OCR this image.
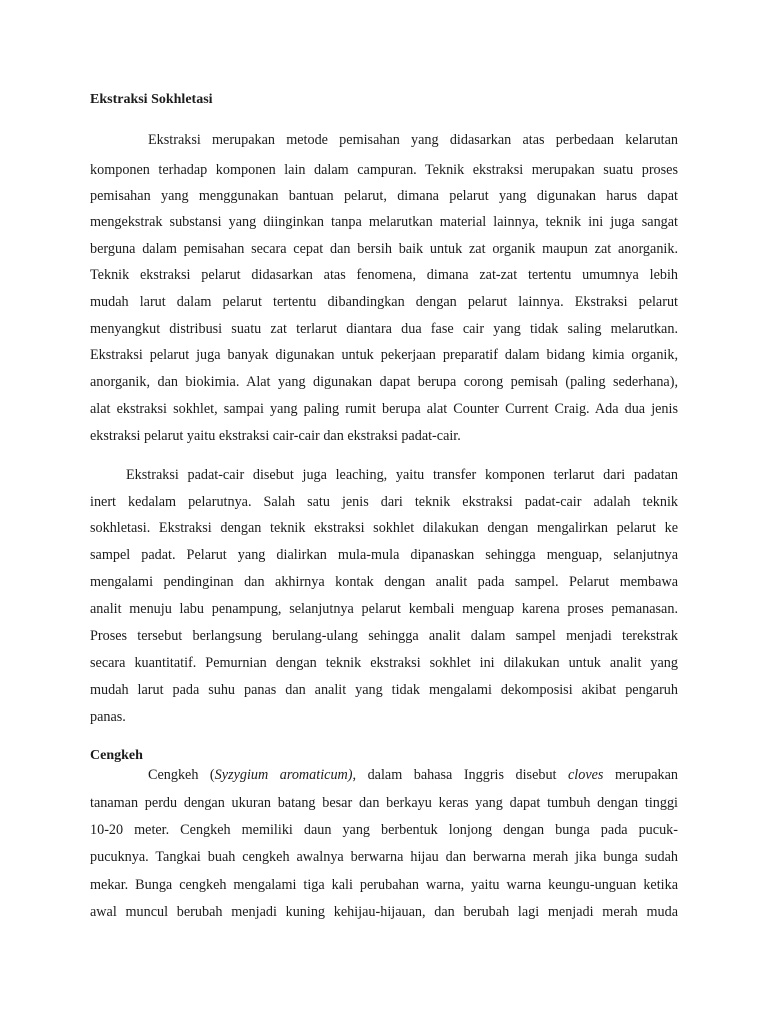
Ekstraksi Sokhletasi

Ekstraksi merupakan metode pemisahan yang didasarkan atas perbedaan kelarutan

komponen terhadap komponen lain dalam campuran. Teknik ekstraksi merupakan suatu proses

pemisahan yang menggunakan bantuan pelarut, dimana pelarut yang digunakan harus dapat

mengekstrak substansi yang diinginkan tanpa melarutkan material lainnya, teknik ini juga sangat

berguna dalam pemisahan secara cepat dan bersih baik untuk zat organik maupun zat anorganik.

Teknik ekstraksi pelarut didasarkan atas fenomena, dimana zat-zat tertentu umumnya lebih

mudah larut dalam pelarut tertentu dibandingkan dengan pelarut lainnya. Ekstraksi pelarut

menyangkut distribusi suatu zat terlarut diantara dua fase cair yang tidak saling melarutkan.

Ekstraksi pelarut juga banyak digunakan untuk pekerjaan preparatif dalam bidang kimia organik,

anorganik, dan biokimia. Alat yang digunakan dapat berupa corong pemisah (paling sederhana),

alat ekstraksi sokhlet, sampai yang paling rumit berupa alat Counter Current Craig. Ada dua jenis

ekstraksi pelarut yaitu ekstraksi cair-cair dan ekstraksi padat-cair.

Ekstraksi padat-cair disebut juga leaching, yaitu transfer komponen terlarut dari padatan

inert kedalam pelarutnya. Salah satu jenis dari teknik ekstraksi padat-cair adalah teknik

sokhletasi. Ekstraksi dengan teknik ekstraksi sokhlet dilakukan dengan mengalirkan pelarut ke

sampel padat. Pelarut yang dialirkan mula-mula dipanaskan sehingga menguap, selanjutnya

mengalami pendinginan dan akhirnya kontak dengan analit pada sampel. Pelarut membawa

analit menuju labu penampung, selanjutnya pelarut kembali menguap karena proses pemanasan.

Proses tersebut berlangsung berulang-ulang sehingga analit dalam sampel menjadi terekstrak

secara kuantitatif. Pemurnian dengan teknik ekstraksi sokhlet ini dilakukan untuk analit yang

mudah larut pada suhu panas dan analit yang tidak mengalami dekomposisi akibat pengaruh

panas.

Cengkeh

Cengkeh (Syzygium aromaticum), dalam bahasa Inggris disebut cloves merupakan

tanaman perdu dengan ukuran batang besar dan berkayu keras yang dapat tumbuh dengan tinggi

10-20 meter. Cengkeh memiliki daun yang berbentuk lonjong dengan bunga pada pucuk-

pucuknya. Tangkai buah cengkeh awalnya berwarna hijau dan berwarna merah jika bunga sudah

mekar. Bunga cengkeh mengalami tiga kali perubahan warna, yaitu warna keungu-unguan ketika

awal muncul berubah menjadi kuning kehijau-hijauan, dan berubah lagi menjadi merah muda
